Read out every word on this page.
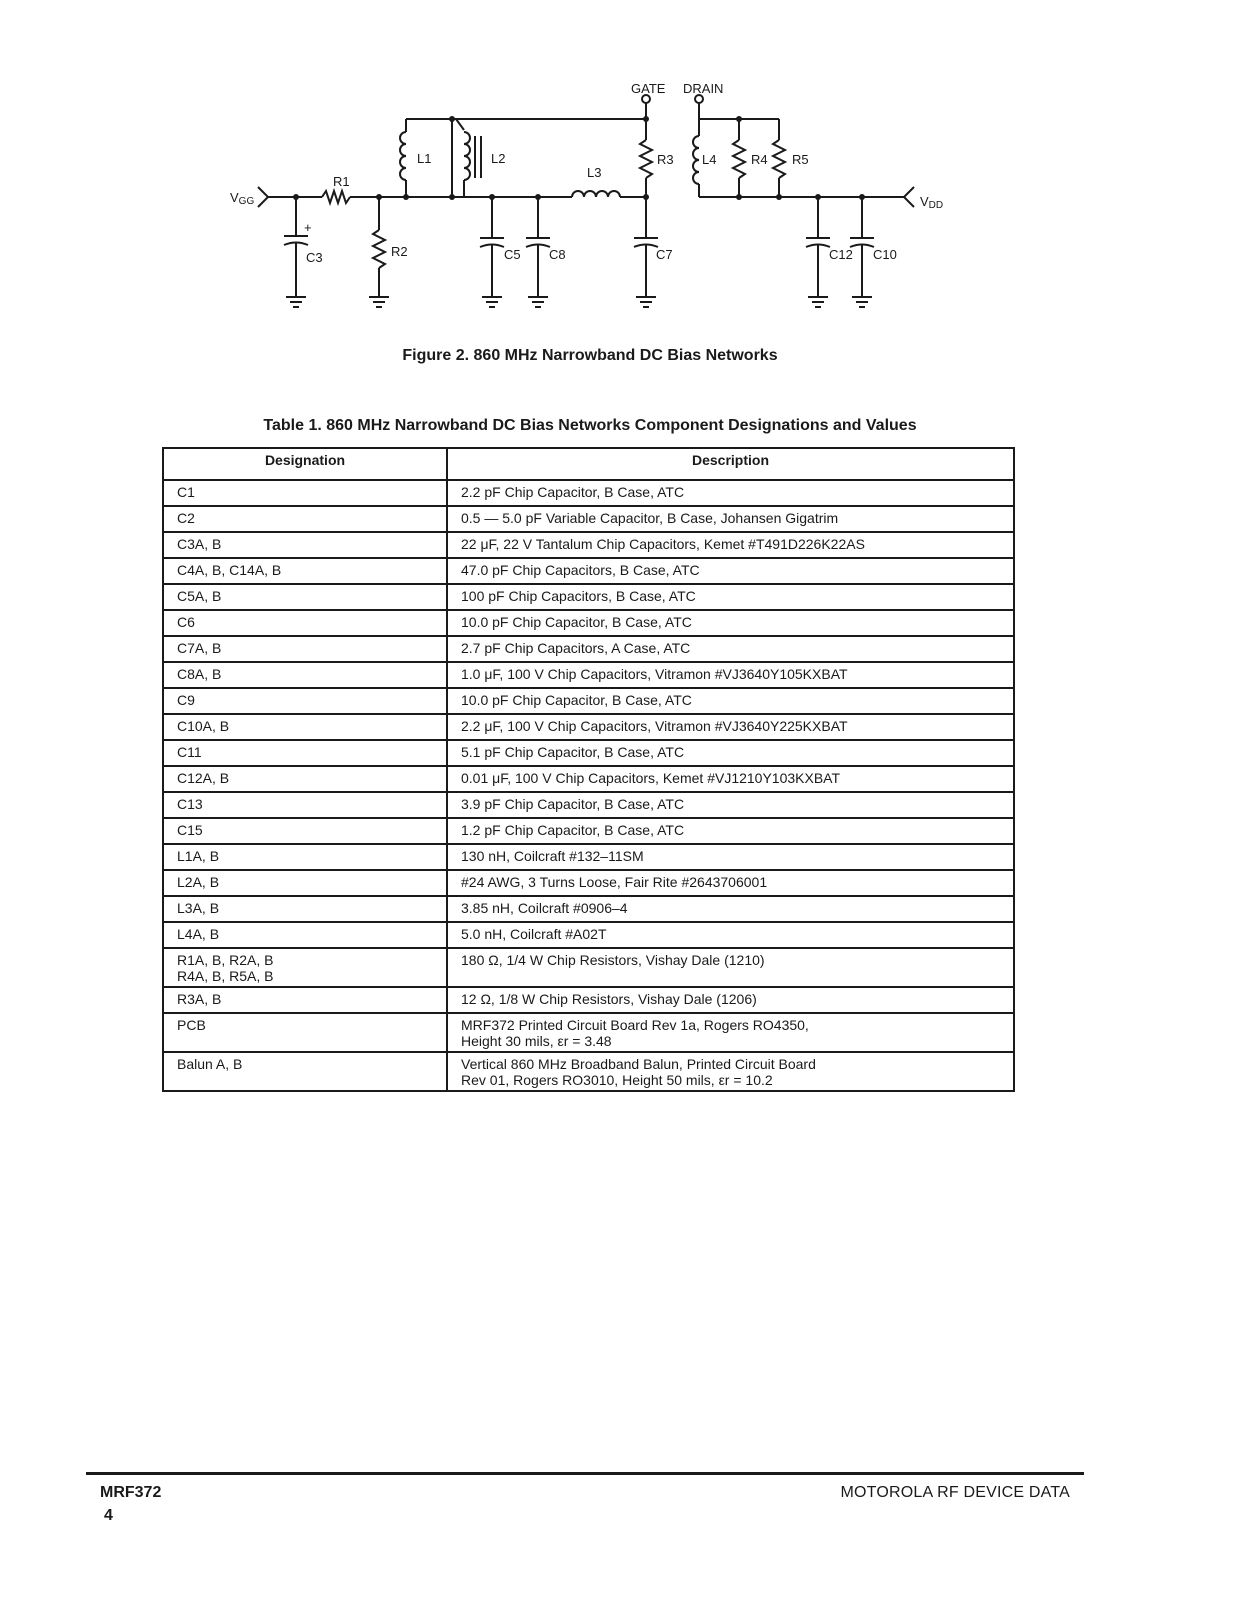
GATE DRAIN
VGG	VDD
R1
R2
R3	R4 R5
L1	L2
L3
L4
C3
+
C5 C8	C7	C12 C10
Figure 2. 860 MHz Narrowband DC Bias Networks
Table 1. 860 MHz Narrowband DC Bias Networks Component Designations and Values
Designation	Description

C1	2.2 pF Chip Capacitor, B Case, ATC

C2	0.5 — 5.0 pF Variable Capacitor, B Case, Johansen Gigatrim

C3A, B	22 μF, 22 V Tantalum Chip Capacitors, Kemet #T491D226K22AS

C4A, B, C14A, B	47.0 pF Chip Capacitors, B Case, ATC

C5A, B	100 pF Chip Capacitors, B Case, ATC

C6	10.0 pF Chip Capacitor, B Case, ATC

C7A, B	2.7 pF Chip Capacitors, A Case, ATC

C8A, B	1.0 μF, 100 V Chip Capacitors, Vitramon #VJ3640Y105KXBAT

C9	10.0 pF Chip Capacitor, B Case, ATC

C10A, B	2.2 μF, 100 V Chip Capacitors, Vitramon #VJ3640Y225KXBAT

C11	5.1 pF Chip Capacitor, B Case, ATC

C12A, B	0.01 μF, 100 V Chip Capacitors, Kemet #VJ1210Y103KXBAT

C13	3.9 pF Chip Capacitor, B Case, ATC

C15	1.2 pF Chip Capacitor, B Case, ATC

L1A, B	130 nH, Coilcraft #132–11SM

L2A, B	#24 AWG, 3 Turns Loose, Fair Rite #2643706001

L3A, B	3.85 nH, Coilcraft #0906–4

L4A, B	5.0 nH, Coilcraft #A02T

R1A, B, R2A, B
R4A, B, R5A, B	180 Ω, 1/4 W Chip Resistors, Vishay Dale (1210)

R3A, B	12 Ω, 1/8 W Chip Resistors, Vishay Dale (1206)

PCB	MRF372 Printed Circuit Board Rev 1a, Rogers RO4350,
Height 30 mils, εr = 3.48

Balun A, B	Vertical 860 MHz Broadband Balun, Printed Circuit Board
Rev 01, Rogers RO3010, Height 50 mils, εr = 10.2
MRF372
4
MOTOROLA RF DEVICE DATA
